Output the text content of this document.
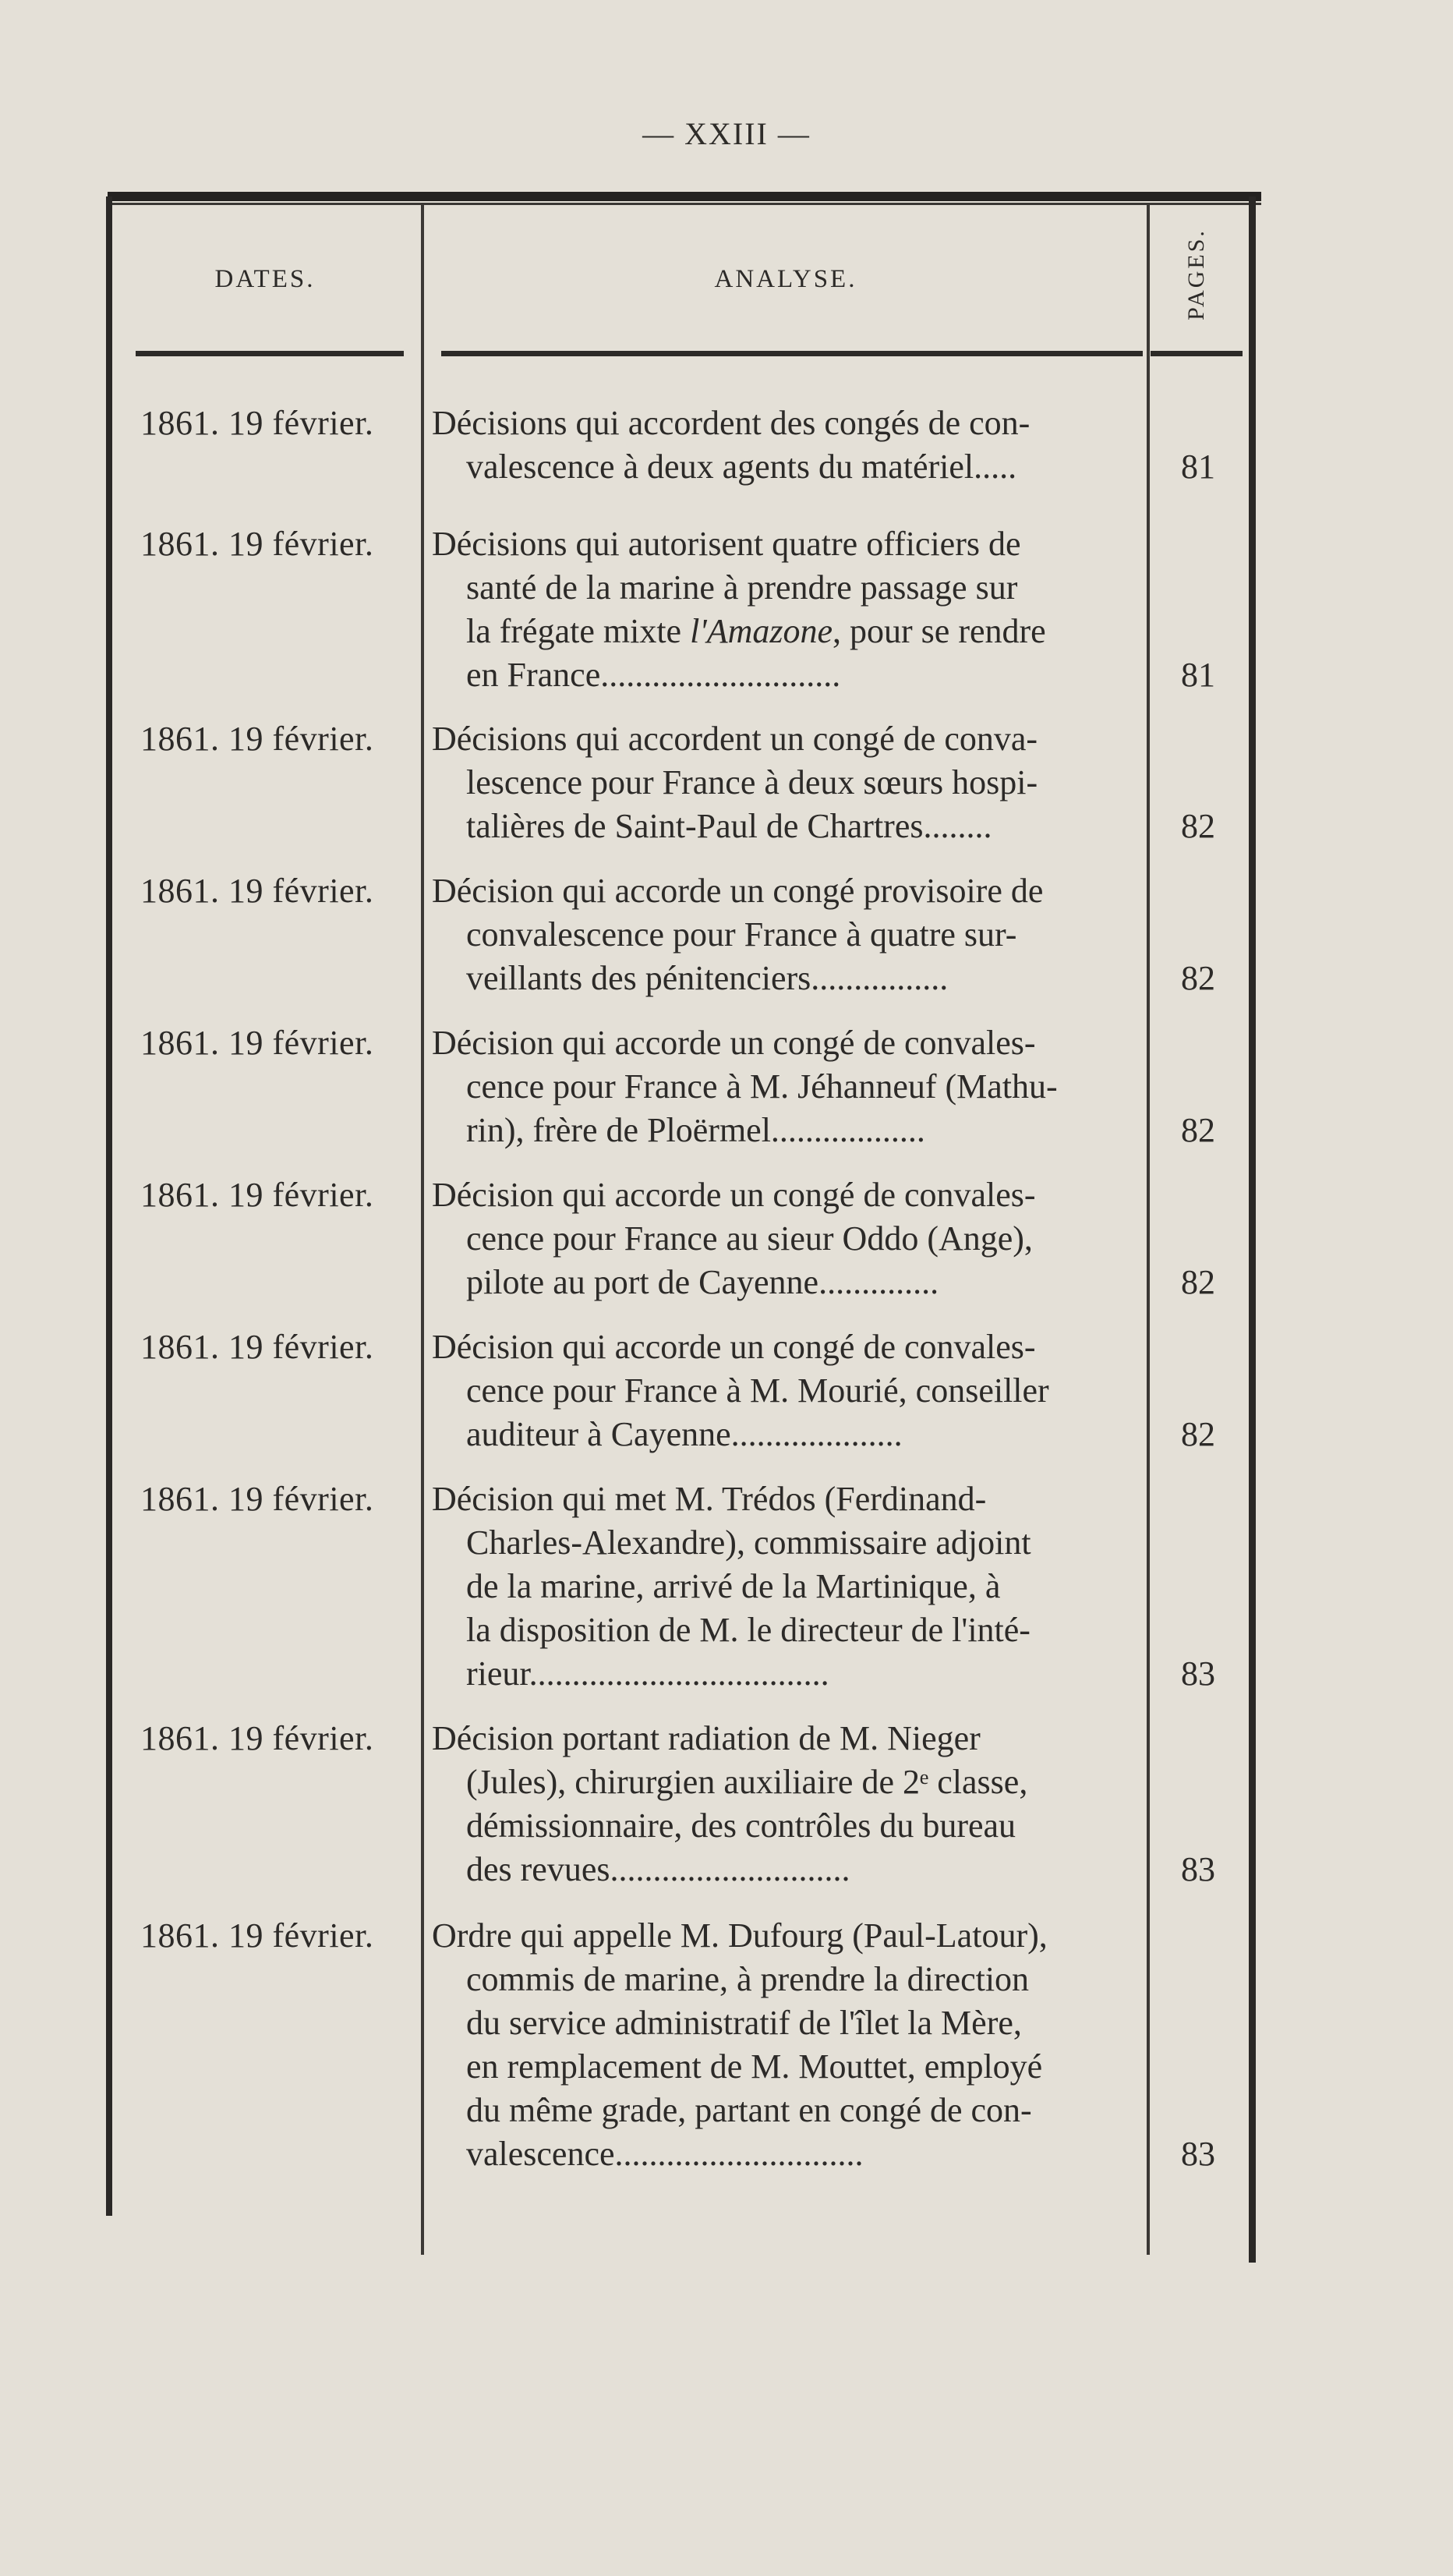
— XXIII —
DATES.	ANALYSE.	PAGES.
1861. 19 février.	Décisions qui accordent des congés de con-
valescence à deux agents du matériel.....	81
1861. 19 février.	Décisions qui autorisent quatre officiers de
santé de la marine à prendre passage sur
la frégate mixte l'Amazone, pour se rendre
en France............................	81
1861. 19 février.	Décisions qui accordent un congé de conva-
lescence pour France à deux sœurs hospi-
talières de Saint-Paul de Chartres........	82
1861. 19 février.	Décision qui accorde un congé provisoire de
convalescence pour France à quatre sur-
veillants des pénitenciers................	82
1861. 19 février.	Décision qui accorde un congé de convales-
cence pour France à M. Jéhanneuf (Mathu-
rin), frère de Ploërmel..................	82
1861. 19 février.	Décision qui accorde un congé de convales-
cence pour France au sieur Oddo (Ange),
pilote au port de Cayenne..............	82
1861. 19 février.	Décision qui accorde un congé de convales-
cence pour France à M. Mourié, conseiller
auditeur à Cayenne....................	82
1861. 19 février.	Décision qui met M. Trédos (Ferdinand-
Charles-Alexandre), commissaire adjoint
de la marine, arrivé de la Martinique, à
la disposition de M. le directeur de l'inté-
rieur...................................	83
1861. 19 février.	Décision portant radiation de M. Nieger
(Jules), chirurgien auxiliaire de 2ᵉ classe,
démissionnaire, des contrôles du bureau
des revues............................	83
1861. 19 février.	Ordre qui appelle M. Dufourg (Paul-Latour),
commis de marine, à prendre la direction
du service administratif de l'îlet la Mère,
en remplacement de M. Mouttet, employé
du même grade, partant en congé de con-
valescence.............................	83
